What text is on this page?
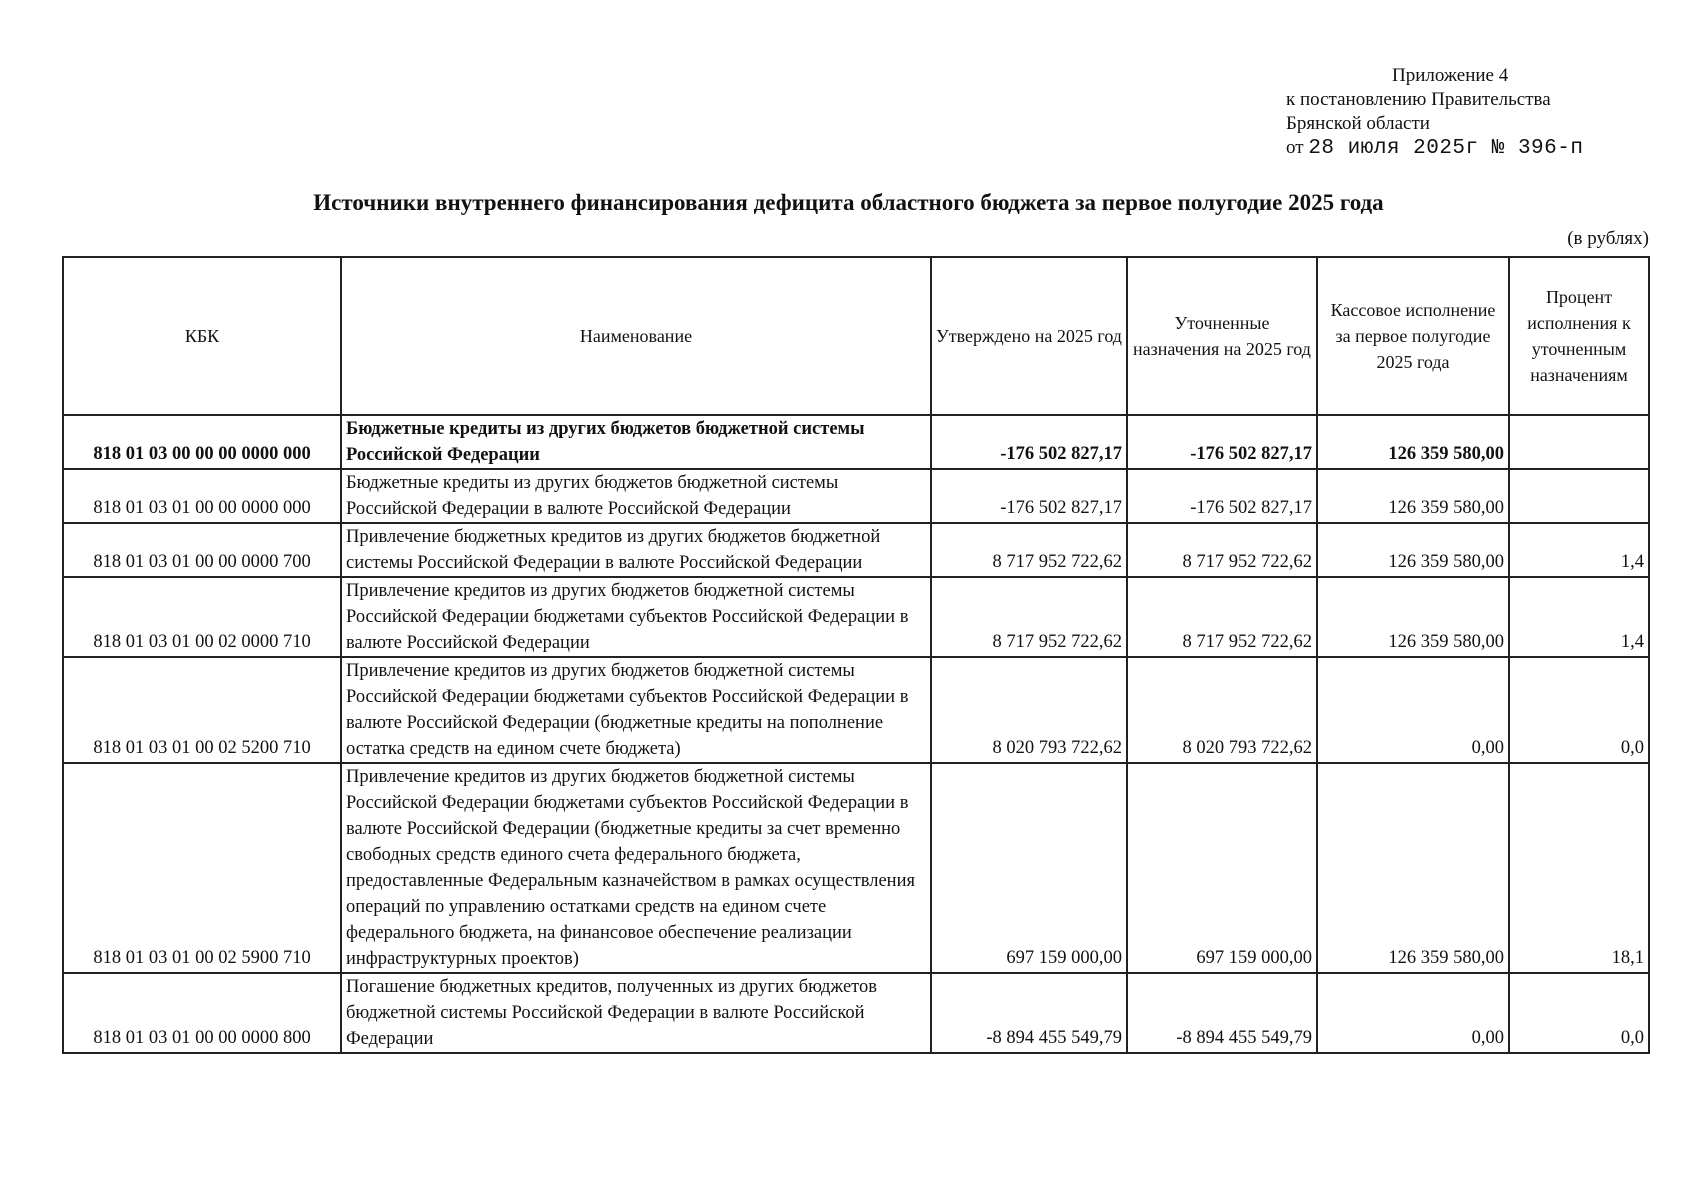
Приложение 4
к постановлению Правительства
Брянской области
от 28 июля 2025г № 396-п
Источники внутреннего финансирования дефицита областного бюджета за первое полугодие 2025 года
(в рублях)
КБК	Наименование	Утверждено на 2025 год	Уточненные назначения на 2025 год	Кассовое исполнение за первое полугодие 2025 года	Процент исполнения к уточненным назначениям
818 01 03 00 00 00 0000 000	Бюджетные кредиты из других бюджетов бюджетной системы Российской Федерации	-176 502 827,17	-176 502 827,17	126 359 580,00	
818 01 03 01 00 00 0000 000	Бюджетные кредиты из других бюджетов бюджетной системы Российской Федерации в валюте Российской Федерации	-176 502 827,17	-176 502 827,17	126 359 580,00	
818 01 03 01 00 00 0000 700	Привлечение бюджетных кредитов из других бюджетов бюджетной системы Российской Федерации в валюте Российской Федерации	8 717 952 722,62	8 717 952 722,62	126 359 580,00	1,4
818 01 03 01 00 02 0000 710	Привлечение кредитов из других бюджетов бюджетной системы Российской Федерации бюджетами субъектов Российской Федерации в валюте Российской Федерации	8 717 952 722,62	8 717 952 722,62	126 359 580,00	1,4
818 01 03 01 00 02 5200 710	Привлечение кредитов из других бюджетов бюджетной системы Российской Федерации бюджетами субъектов Российской Федерации в валюте Российской Федерации (бюджетные кредиты на пополнение остатка средств на едином счете бюджета)	8 020 793 722,62	8 020 793 722,62	0,00	0,0
818 01 03 01 00 02 5900 710	Привлечение кредитов из других бюджетов бюджетной системы Российской Федерации бюджетами субъектов Российской Федерации в валюте Российской Федерации (бюджетные кредиты за счет временно свободных средств единого счета федерального бюджета, предоставленные Федеральным казначейством в рамках осуществления операций по управлению остатками средств на едином счете федерального бюджета, на финансовое обеспечение реализации инфраструктурных проектов)	697 159 000,00	697 159 000,00	126 359 580,00	18,1
818 01 03 01 00 00 0000 800	Погашение бюджетных кредитов, полученных из других бюджетов бюджетной системы Российской Федерации в валюте Российской Федерации	-8 894 455 549,79	-8 894 455 549,79	0,00	0,0
